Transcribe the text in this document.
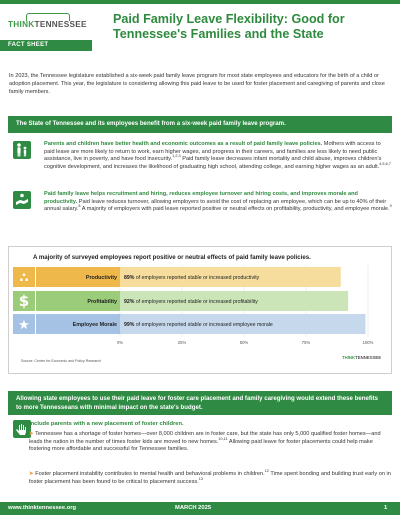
THINKTENNESSEE
FACT SHEET
Paid Family Leave Flexibility: Good for Tennessee's Families and the State
In 2023, the Tennessee legislature established a six-week paid family leave program for most state employees and educators for the birth of a child or adoption placement. This year, the legislature is considering allowing this paid leave to be used for foster placement and caregiving of parents and close family members.
The State of Tennessee and its employees benefit from a six-week paid family leave program.
Parents and children have better health and economic outcomes as a result of paid family leave policies. Mothers with access to paid leave are more likely to return to work, earn higher wages, and progress in their careers, and families are less likely to need public assistance, live in poverty, and have food insecurity.$^{1,2,3}$ Paid family leave decreases infant mortality and child abuse, improves children's cognitive development, and increases the likelihood of graduating high school, attending college, and earning higher wages as an adult.$^{4,5,6,7}$
Paid family leave helps recruitment and hiring, reduces employee turnover and hiring costs, and improves morale and productivity. Paid leave reduces turnover, allowing employers to avoid the cost of replacing an employee, which can be up to 40% of their annual salary.$^8$ A majority of employers with paid leave reported positive or neutral effects on profitability, productivity, and employee morale.$^9$
A majority of surveyed employees report positive or neutral effects of paid family leave policies.
0%	25%	50%	75%	100%
∴	Productivity 89% of employers reported stable or increased productivity
$	Profitability 92% of employers reported stable or increased profitability
★	Employee Morale 99% of employers reported stable or increased employee morale
Source: Center for Economic and Policy Research
THINKTENNESSEE
Allowing state employees to use their paid leave for foster care placement and family caregiving would extend these benefits to more Tennesseans with minimal impact on the state's budget.
Include parents with a new placement of foster children.
➤ Tennessee has a shortage of foster homes—over 8,000 children are in foster care, but the state has only 5,000 qualified foster homes—and leads the nation in the number of times foster kids are moved to new homes.$^{10,11}$ Allowing paid leave for foster placements could help make fostering more affordable and successful for Tennessee families.
➤ Foster placement instability contributes to mental health and behavioral problems in children.$^{12}$ Time spent bonding and building trust early on in foster placement has been found to be critical to placement success.$^{13}$
www.thinktennessee.org	MARCH 2025	1
